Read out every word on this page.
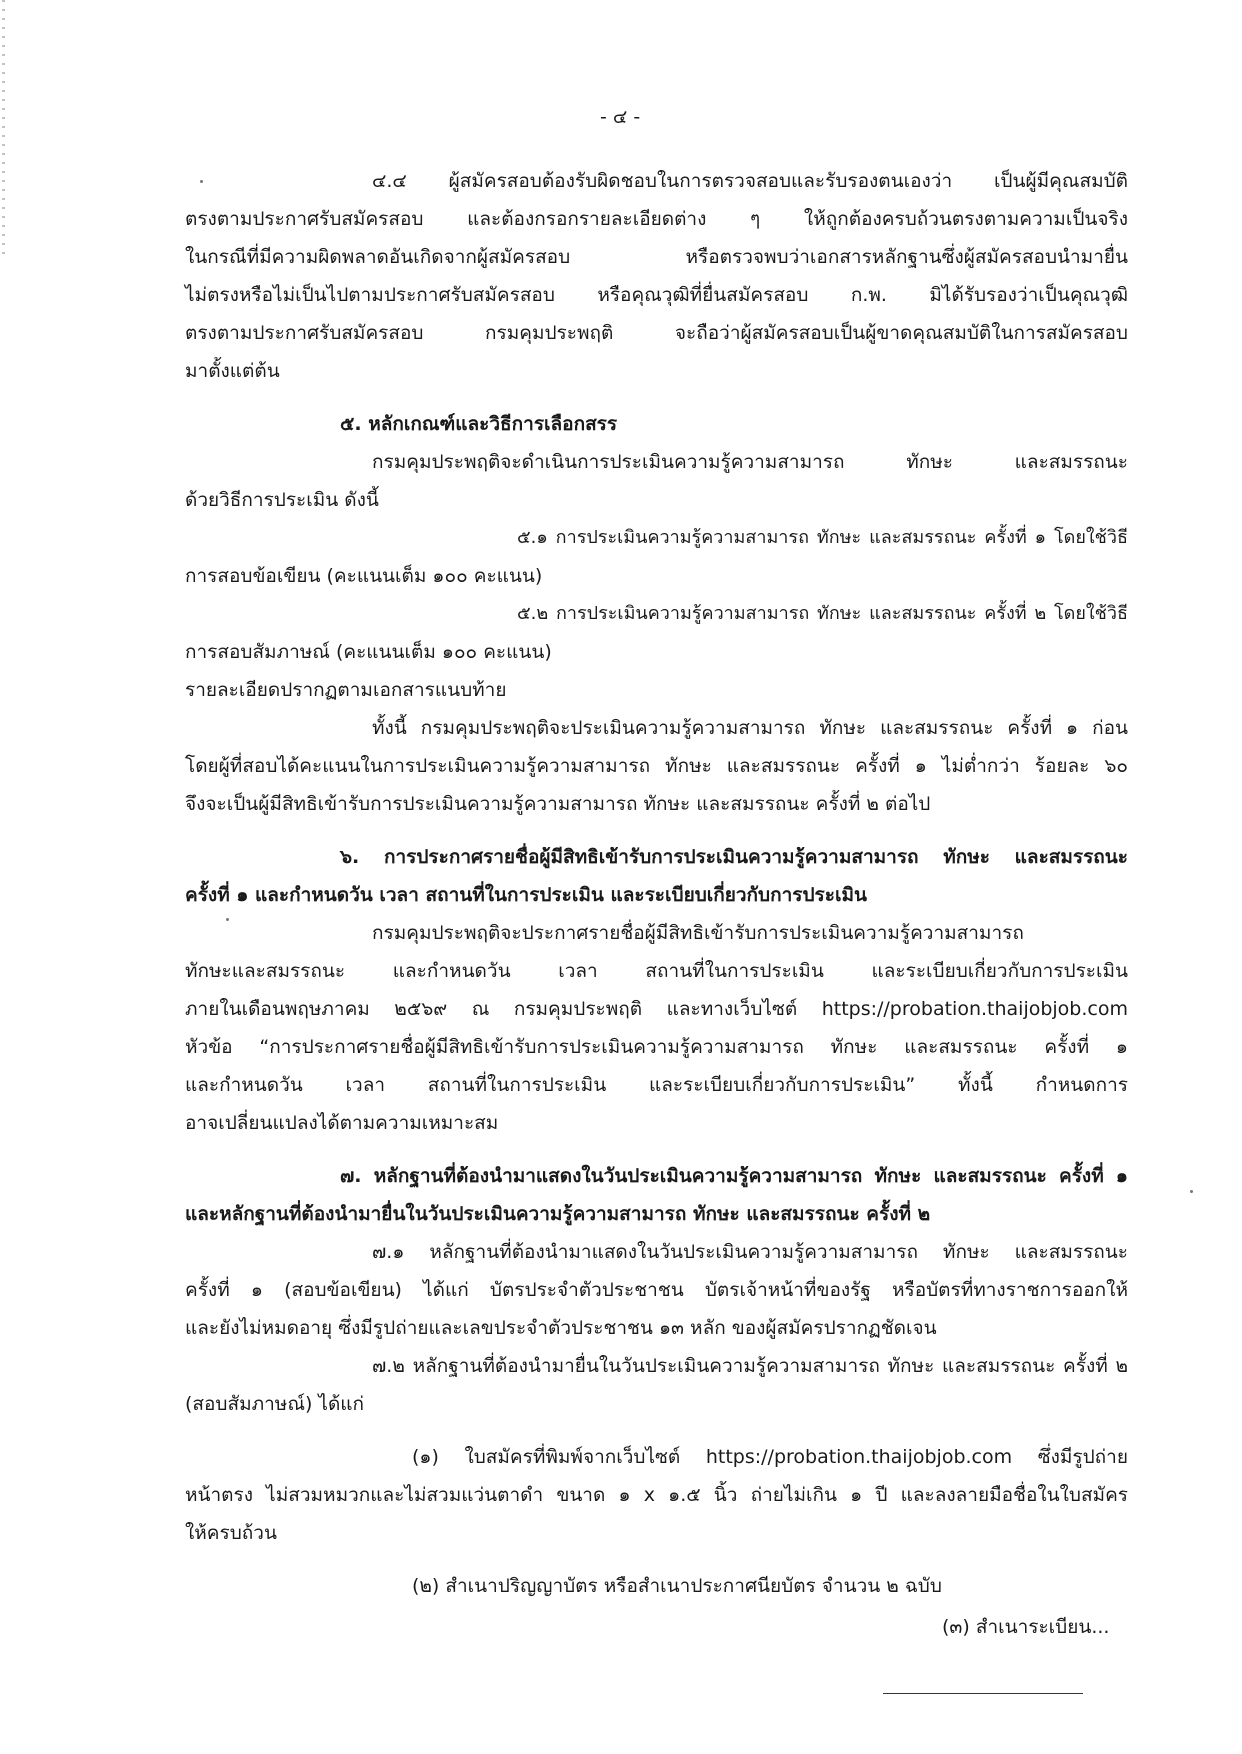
- ๔ -
๔.๔ ผู้สมัครสอบต้องรับผิดชอบในการตรวจสอบและรับรองตนเองว่า เป็นผู้มีคุณสมบัติ
ตรงตามประกาศรับสมัครสอบ และต้องกรอกรายละเอียดต่าง ๆ ให้ถูกต้องครบถ้วนตรงตามความเป็นจริง
ในกรณีที่มีความผิดพลาดอันเกิดจากผู้สมัครสอบ หรือตรวจพบว่าเอกสารหลักฐานซึ่งผู้สมัครสอบนำมายื่น
ไม่ตรงหรือไม่เป็นไปตามประกาศรับสมัครสอบ หรือคุณวุฒิที่ยื่นสมัครสอบ ก.พ. มิได้รับรองว่าเป็นคุณวุฒิ
ตรงตามประกาศรับสมัครสอบ กรมคุมประพฤติ จะถือว่าผู้สมัครสอบเป็นผู้ขาดคุณสมบัติในการสมัครสอบ
มาตั้งแต่ต้น
๕. หลักเกณฑ์และวิธีการเลือกสรร
กรมคุมประพฤติจะดำเนินการประเมินความรู้ความสามารถ ทักษะ และสมรรถนะ
ด้วยวิธีการประเมิน ดังนี้
๕.๑ การประเมินความรู้ความสามารถ ทักษะ และสมรรถนะ ครั้งที่ ๑ โดยใช้วิธี
การสอบข้อเขียน (คะแนนเต็ม ๑๐๐ คะแนน)
๕.๒ การประเมินความรู้ความสามารถ ทักษะ และสมรรถนะ ครั้งที่ ๒ โดยใช้วิธี
การสอบสัมภาษณ์ (คะแนนเต็ม ๑๐๐ คะแนน)
รายละเอียดปรากฏตามเอกสารแนบท้าย
ทั้งนี้ กรมคุมประพฤติจะประเมินความรู้ความสามารถ ทักษะ และสมรรถนะ ครั้งที่ ๑ ก่อน
โดยผู้ที่สอบได้คะแนนในการประเมินความรู้ความสามารถ ทักษะ และสมรรถนะ ครั้งที่ ๑ ไม่ต่ำกว่า ร้อยละ ๖๐
จึงจะเป็นผู้มีสิทธิเข้ารับการประเมินความรู้ความสามารถ ทักษะ และสมรรถนะ ครั้งที่ ๒ ต่อไป
๖. การประกาศรายชื่อผู้มีสิทธิเข้ารับการประเมินความรู้ความสามารถ ทักษะ และสมรรถนะ
ครั้งที่ ๑ และกำหนดวัน เวลา สถานที่ในการประเมิน และระเบียบเกี่ยวกับการประเมิน
กรมคุมประพฤติจะประกาศรายชื่อผู้มีสิทธิเข้ารับการประเมินความรู้ความสามารถ
ทักษะและสมรรถนะ และกำหนดวัน เวลา สถานที่ในการประเมิน และระเบียบเกี่ยวกับการประเมิน
ภายในเดือนพฤษภาคม ๒๕๖๙ ณ กรมคุมประพฤติ และทางเว็บไซต์ https://probation.thaijobjob.com
หัวข้อ “การประกาศรายชื่อผู้มีสิทธิเข้ารับการประเมินความรู้ความสามารถ ทักษะ และสมรรถนะ ครั้งที่ ๑
และกำหนดวัน เวลา สถานที่ในการประเมิน และระเบียบเกี่ยวกับการประเมิน” ทั้งนี้ กำหนดการ
อาจเปลี่ยนแปลงได้ตามความเหมาะสม
๗. หลักฐานที่ต้องนำมาแสดงในวันประเมินความรู้ความสามารถ ทักษะ และสมรรถนะ ครั้งที่ ๑
และหลักฐานที่ต้องนำมายื่นในวันประเมินความรู้ความสามารถ ทักษะ และสมรรถนะ ครั้งที่ ๒
๗.๑ หลักฐานที่ต้องนำมาแสดงในวันประเมินความรู้ความสามารถ ทักษะ และสมรรถนะ
ครั้งที่ ๑ (สอบข้อเขียน) ได้แก่ บัตรประจำตัวประชาชน บัตรเจ้าหน้าที่ของรัฐ หรือบัตรที่ทางราชการออกให้
และยังไม่หมดอายุ ซึ่งมีรูปถ่ายและเลขประจำตัวประชาชน ๑๓ หลัก ของผู้สมัครปรากฏชัดเจน
๗.๒ หลักฐานที่ต้องนำมายื่นในวันประเมินความรู้ความสามารถ ทักษะ และสมรรถนะ ครั้งที่ ๒
(สอบสัมภาษณ์) ได้แก่
(๑) ใบสมัครที่พิมพ์จากเว็บไซต์ https://probation.thaijobjob.com ซึ่งมีรูปถ่าย
หน้าตรง ไม่สวมหมวกและไม่สวมแว่นตาดำ ขนาด ๑ x ๑.๕ นิ้ว ถ่ายไม่เกิน ๑ ปี และลงลายมือชื่อในใบสมัคร
ให้ครบถ้วน
(๒) สำเนาปริญญาบัตร หรือสำเนาประกาศนียบัตร จำนวน ๒ ฉบับ
(๓) สำเนาระเบียน...
